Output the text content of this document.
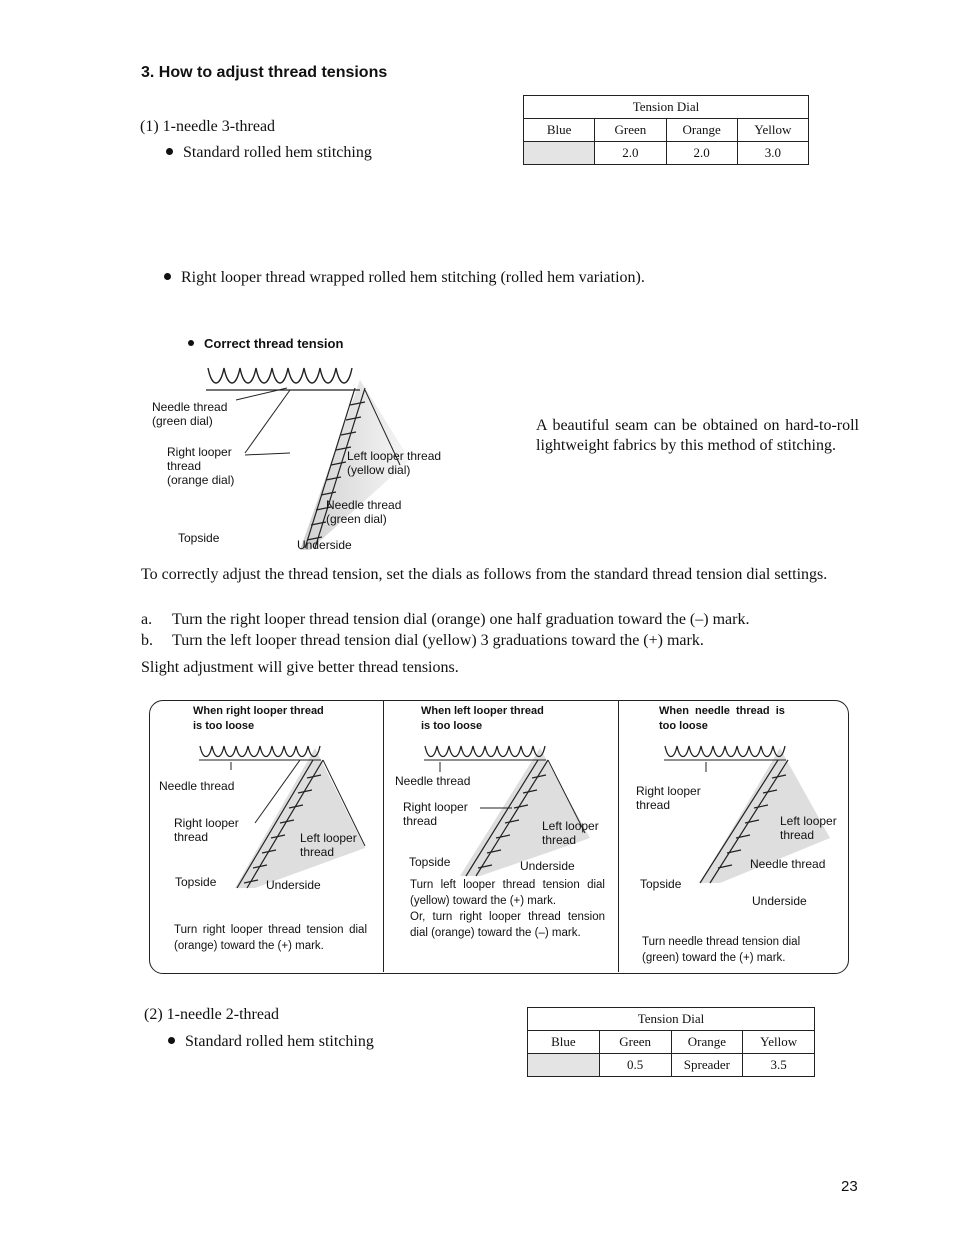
3. How to adjust thread tensions
(1) 1-needle 3-thread
Standard rolled hem stitching
Tension Dial			
Blue	Green	Orange	Yellow
	2.0	2.0	3.0
Right looper thread wrapped rolled hem stitching (rolled hem variation).
Correct thread tension
Needle thread
(green dial)
Right looper
thread
(orange dial)
Left looper thread
(yellow dial)
Needle thread
(green dial)
Topside	Underside
A beautiful seam can be obtained on hard-to-roll lightweight fabrics by this method of stitching.
To correctly adjust the thread tension, set the dials as follows from the standard thread tension dial settings.
a. Turn the right looper thread tension dial (orange) one half graduation toward the (–) mark.
b. Turn the left looper thread tension dial (yellow) 3 graduations toward the (+) mark.
Slight adjustment will give better thread tensions.
When right looper thread
is too loose
Needle thread
Right looper
thread	Left looper
thread
Topside	Underside
Turn right looper thread tension dial (orange) toward the (+) mark.
When left looper thread
is too loose
Needle thread
Right looper
thread	Left looper
thread
Topside	Underside
Turn left looper thread tension dial (yellow) toward the (+) mark.
Or, turn right looper thread tension dial (orange) toward the (–) mark.
When  needle  thread  is
too loose
Right looper
thread
Left looper
thread
Needle thread
Topside
Underside
Turn needle thread tension dial (green) toward the (+) mark.
(2) 1-needle 2-thread
Standard rolled hem stitching
Tension Dial			
Blue	Green	Orange	Yellow
	0.5	Spreader	3.5
23
